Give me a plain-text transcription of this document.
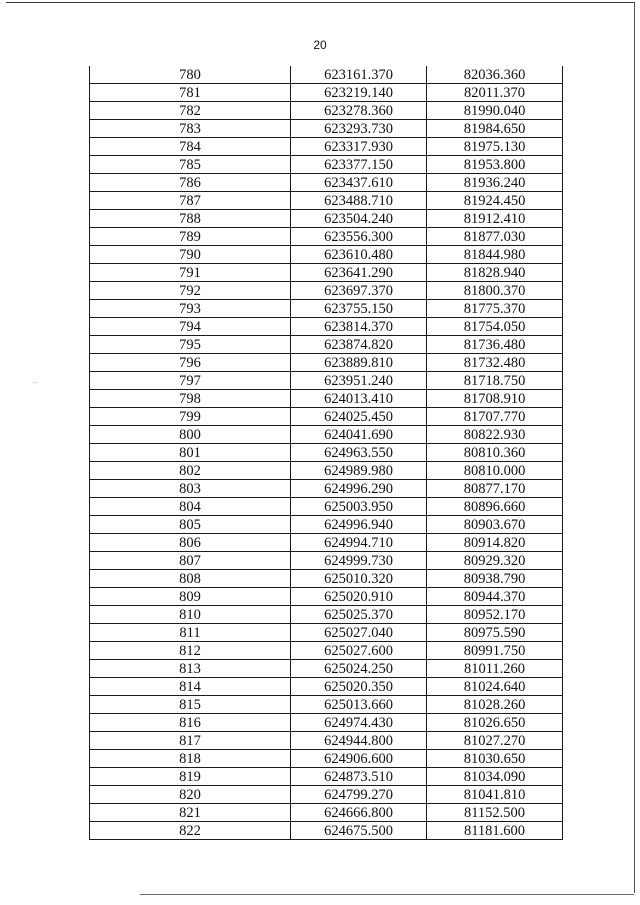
20
·
780	623161.370	82036.360
781	623219.140	82011.370
782	623278.360	81990.040
783	623293.730	81984.650
784	623317.930	81975.130
785	623377.150	81953.800
786	623437.610	81936.240
787	623488.710	81924.450
788	623504.240	81912.410
789	623556.300	81877.030
790	623610.480	81844.980
791	623641.290	81828.940
792	623697.370	81800.370
793	623755.150	81775.370
794	623814.370	81754.050
795	623874.820	81736.480
796	623889.810	81732.480
797	623951.240	81718.750
798	624013.410	81708.910
799	624025.450	81707.770
800	624041.690	80822.930
801	624963.550	80810.360
802	624989.980	80810.000
803	624996.290	80877.170
804	625003.950	80896.660
805	624996.940	80903.670
806	624994.710	80914.820
807	624999.730	80929.320
808	625010.320	80938.790
809	625020.910	80944.370
810	625025.370	80952.170
811	625027.040	80975.590
812	625027.600	80991.750
813	625024.250	81011.260
814	625020.350	81024.640
815	625013.660	81028.260
816	624974.430	81026.650
817	624944.800	81027.270
818	624906.600	81030.650
819	624873.510	81034.090
820	624799.270	81041.810
821	624666.800	81152.500
822	624675.500	81181.600
